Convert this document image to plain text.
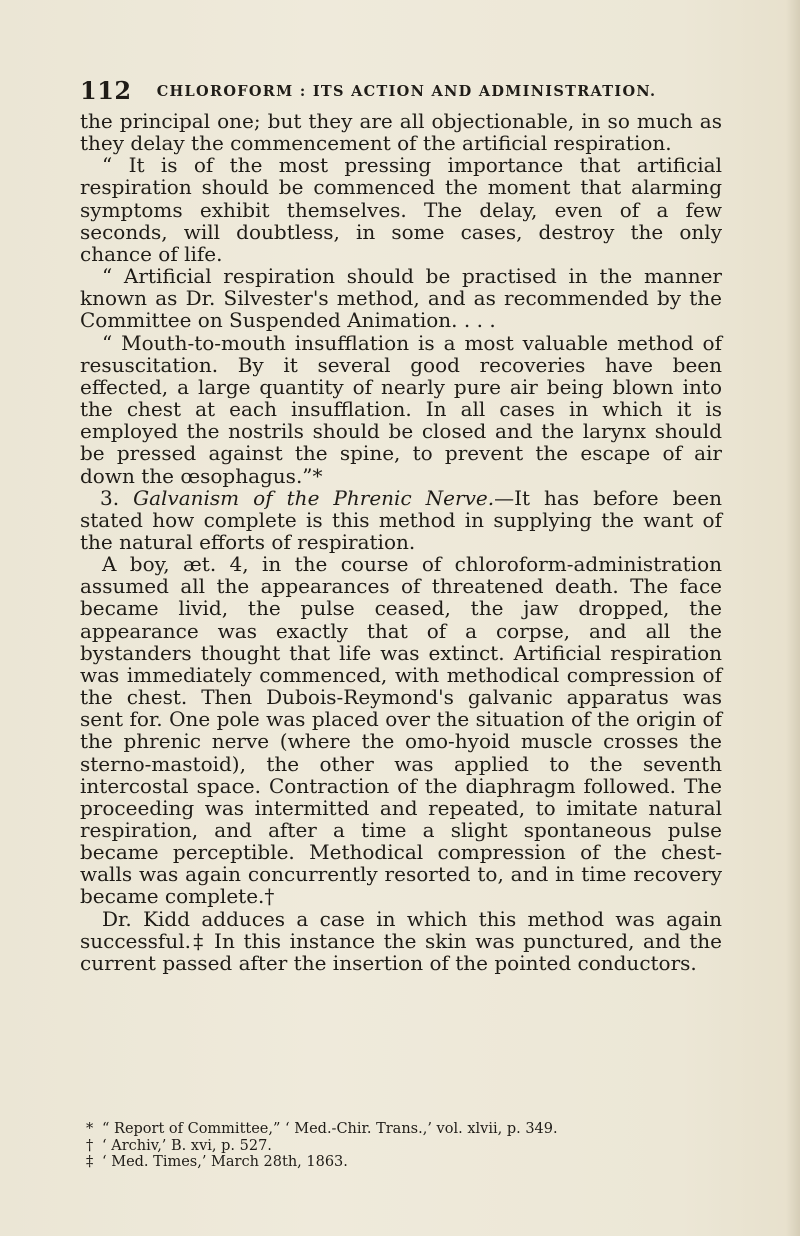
112 CHLOROFORM : ITS ACTION AND ADMINISTRATION.

the principal one; but they are all objectionable, in so much as they delay the commencement of the artificial respiration.

“ It is of the most pressing importance that artificial respiration should be commenced the moment that alarming symptoms exhibit themselves. The delay, even of a few seconds, will doubtless, in some cases, destroy the only chance of life.

“ Artificial respiration should be practised in the manner known as Dr. Silvester's method, and as recommended by the Committee on Suspended Animation. . . .

“ Mouth-to-mouth insufflation is a most valuable method of resuscitation. By it several good recoveries have been effected, a large quantity of nearly pure air being blown into the chest at each insufflation. In all cases in which it is employed the nostrils should be closed and the larynx should be pressed against the spine, to prevent the escape of air down the œsophagus.”*

3. Galvanism of the Phrenic Nerve.—It has before been stated how complete is this method in supplying the want of the natural efforts of respiration.

A boy, æt. 4, in the course of chloroform-administration assumed all the appearances of threatened death. The face became livid, the pulse ceased, the jaw dropped, the appearance was exactly that of a corpse, and all the bystanders thought that life was extinct. Artificial respiration was immediately commenced, with methodical compression of the chest. Then Dubois-Reymond's galvanic apparatus was sent for. One pole was placed over the situation of the origin of the phrenic nerve (where the omo-hyoid muscle crosses the sterno-mastoid), the other was applied to the seventh intercostal space. Contraction of the diaphragm followed. The proceeding was intermitted and repeated, to imitate natural respiration, and after a time a slight spontaneous pulse became perceptible. Methodical compression of the chest-walls was again concurrently resorted to, and in time recovery became complete.†

Dr. Kidd adduces a case in which this method was again successful.‡ In this instance the skin was punctured, and the current passed after the insertion of the pointed conductors.

* “ Report of Committee,” ‘ Med.-Chir. Trans.,’ vol. xlvii, p. 349.
† ‘ Archiv,’ B. xvi, p. 527.
‡ ‘ Med. Times,’ March 28th, 1863.
